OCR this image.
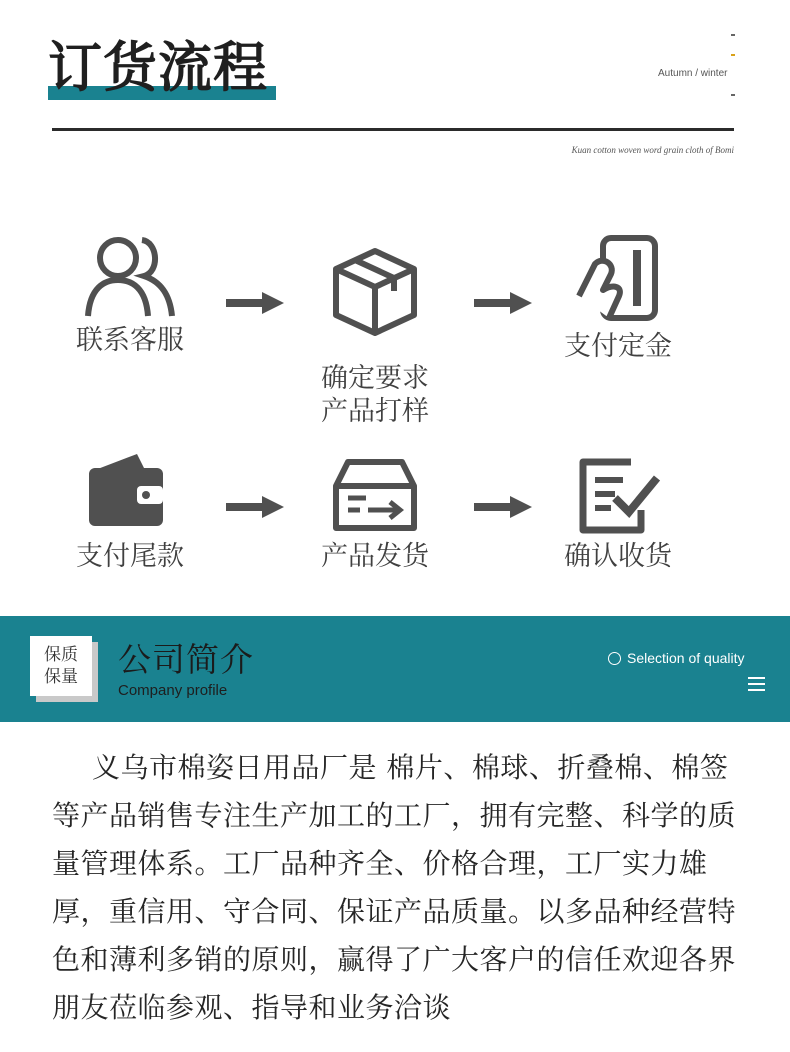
订货流程	Autumn / winter
Kuan cotton woven word grain cloth of Bomi
联系客服

确定要求
产品打样

支付定金
支付尾款	产品发货	确认收货
保质
保量	公司简介
Company profile
Selection of quality
义乌市棉姿日用品厂是 棉片、棉球、折叠棉、棉签等产品销售专注生产加工的工厂，拥有完整、科学的质量管理体系。工厂品种齐全、价格合理，工厂实力雄厚，重信用、守合同、保证产品质量。以多品种经营特色和薄利多销的原则，赢得了广大客户的信任欢迎各界朋友莅临参观、指导和业务洽谈
